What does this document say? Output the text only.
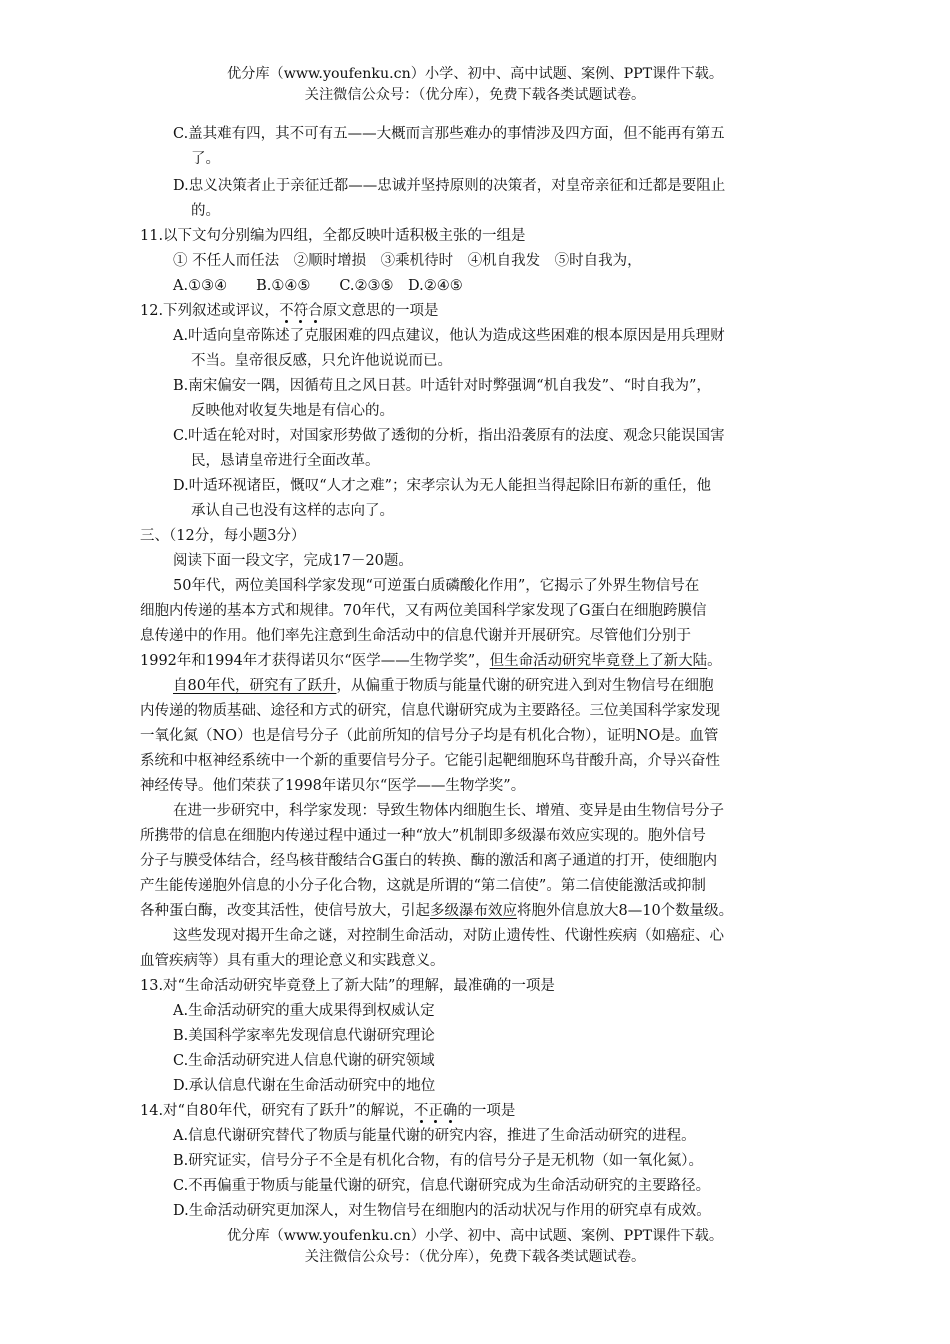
优分库（www.youfenku.cn）小学、初中、高中试题、案例、PPT课件下载。
关注微信公众号：（优分库），免费下载各类试题试卷。
C.盖其难有四，其不可有五——大概而言那些难办的事情涉及四方面，但不能再有第五
了。
D.忠义决策者止于亲征迁都——忠诚并坚持原则的决策者，对皇帝亲征和迁都是要阻止
的。
11.以下文句分别编为四组，全都反映叶适积极主张的一组是
① 不任人而任法　②顺时增损　③乘机待时　④机自我发　⑤时自我为，
A.①③④　　B.①④⑤　　C.②③⑤　D.②④⑤
12.下列叙述或评议，不符合原文意思的一项是
A.叶适向皇帝陈述了克服困难的四点建议，他认为造成这些困难的根本原因是用兵理财
不当。皇帝很反感，只允许他说说而已。
B.南宋偏安一隅，因循苟且之风日甚。叶适针对时弊强调“机自我发”、“时自我为”，
反映他对收复失地是有信心的。
C.叶适在轮对时，对国家形势做了透彻的分析，指出沿袭原有的法度、观念只能误国害
民，恳请皇帝进行全面改革。
D.叶适环视诸臣，慨叹“人才之难”；宋孝宗认为无人能担当得起除旧布新的重任，他
承认自己也没有这样的志向了。
三、（12分，每小题3分）
阅读下面一段文字，完成17－20题。
50年代，两位美国科学家发现“可逆蛋白质磷酸化作用”，它揭示了外界生物信号在
细胞内传递的基本方式和规律。70年代，又有两位美国科学家发现了G蛋白在细胞跨膜信
息传递中的作用。他们率先注意到生命活动中的信息代谢并开展研究。尽管他们分别于
1992年和1994年才获得诺贝尔“医学——生物学奖”，但生命活动研究毕竟登上了新大陆。
自80年代，研究有了跃升，从偏重于物质与能量代谢的研究进入到对生物信号在细胞
内传递的物质基础、途径和方式的研究，信息代谢研究成为主要路径。三位美国科学家发现
一氧化氮（NO）也是信号分子（此前所知的信号分子均是有机化合物），证明NO是。血管
系统和中枢神经系统中一个新的重要信号分子。它能引起靶细胞环鸟苷酸升高，介导兴奋性
神经传导。他们荣获了1998年诺贝尔“医学——生物学奖”。
在进一步研究中，科学家发现：导致生物体内细胞生长、增殖、变异是由生物信号分子
所携带的信息在细胞内传递过程中通过一种“放大”机制即多级瀑布效应实现的。胞外信号
分子与膜受体结合，经鸟核苷酸结合G蛋白的转换、酶的激活和离子通道的打开，使细胞内
产生能传递胞外信息的小分子化合物，这就是所谓的“第二信使”。第二信使能激活或抑制
各种蛋白酶，改变其活性，使信号放大，引起多级瀑布效应将胞外信息放大8—10个数量级。
这些发现对揭开生命之谜，对控制生命活动，对防止遗传性、代谢性疾病（如癌症、心
血管疾病等）具有重大的理论意义和实践意义。
13.对“生命活动研究毕竟登上了新大陆”的理解，最准确的一项是
A.生命活动研究的重大成果得到权威认定
B.美国科学家率先发现信息代谢研究理论
C.生命活动研究进人信息代谢的研究领域
D.承认信息代谢在生命活动研究中的地位
14.对“自80年代，研究有了跃升”的解说，不正确的一项是
A.信息代谢研究替代了物质与能量代谢的研究内容，推进了生命活动研究的进程。
B.研究证实，信号分子不全是有机化合物，有的信号分子是无机物（如一氧化氮）。
C.不再偏重于物质与能量代谢的研究，信息代谢研究成为生命活动研究的主要路径。
D.生命活动研究更加深人，对生物信号在细胞内的活动状况与作用的研究卓有成效。
优分库（www.youfenku.cn）小学、初中、高中试题、案例、PPT课件下载。
关注微信公众号：（优分库），免费下载各类试题试卷。
